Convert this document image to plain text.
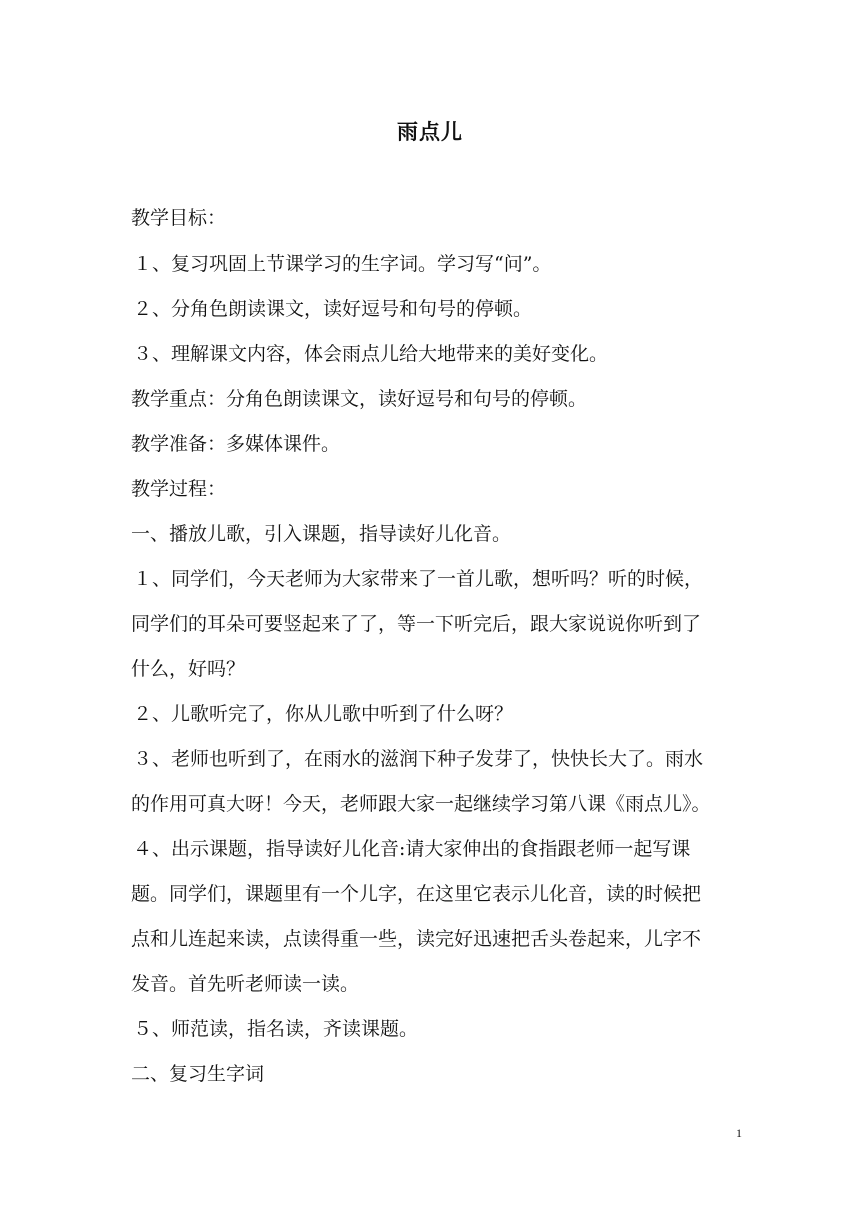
雨点儿
教学目标：
１、复习巩固上节课学习的生字词。学习写“问”。
２、分角色朗读课文，读好逗号和句号的停顿。
３、理解课文内容，体会雨点儿给大地带来的美好变化。
教学重点：分角色朗读课文，读好逗号和句号的停顿。
教学准备：多媒体课件。
教学过程：
一、播放儿歌，引入课题，指导读好儿化音。
１、同学们，今天老师为大家带来了一首儿歌，想听吗？听的时候，
同学们的耳朵可要竖起来了了，等一下听完后，跟大家说说你听到了
什么，好吗？
２、儿歌听完了，你从儿歌中听到了什么呀？
３、老师也听到了，在雨水的滋润下种子发芽了，快快长大了。雨水
的作用可真大呀！今天，老师跟大家一起继续学习第八课《雨点儿》。
４、出示课题，指导读好儿化音:请大家伸出的食指跟老师一起写课
题。同学们，课题里有一个儿字，在这里它表示儿化音，读的时候把
点和儿连起来读，点读得重一些，读完好迅速把舌头卷起来，儿字不
发音。首先听老师读一读。
５、师范读，指名读，齐读课题。
二、复习生字词
1
